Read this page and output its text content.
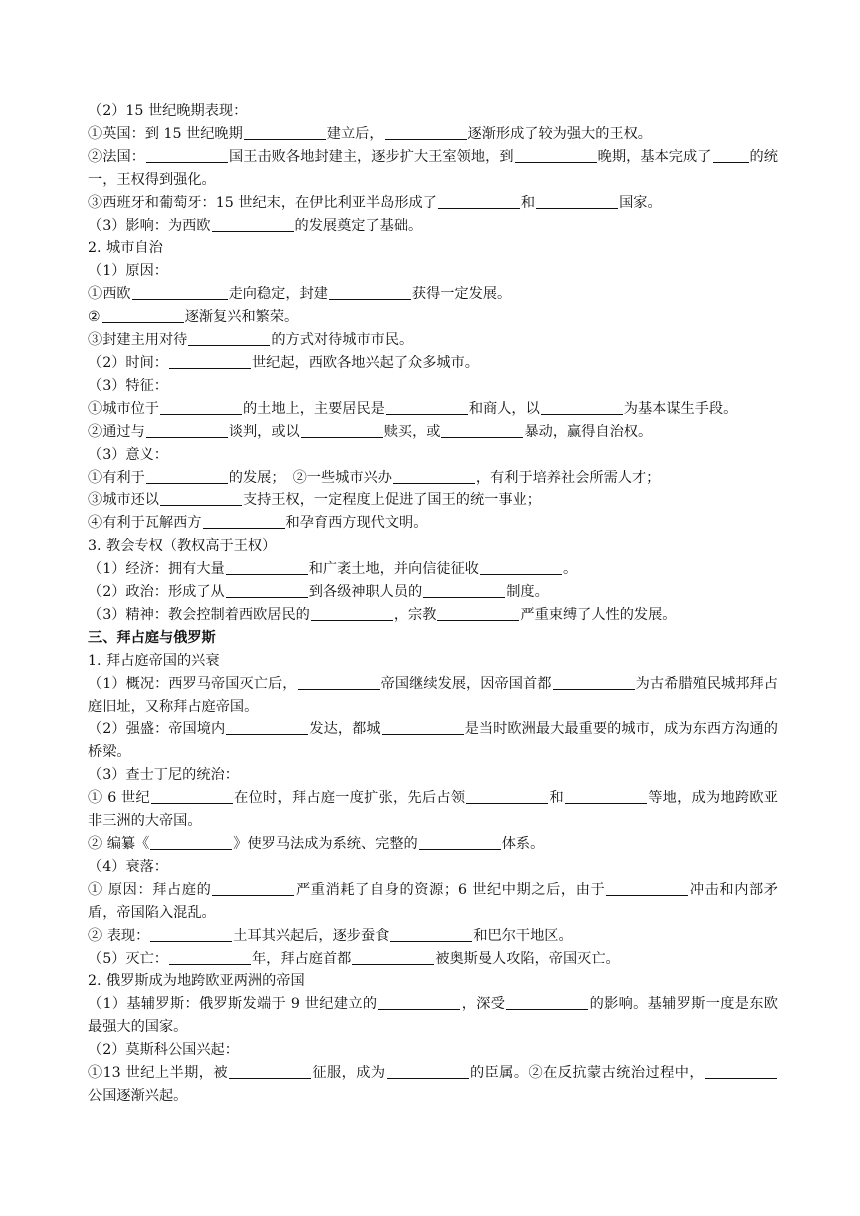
（2）15 世纪晚期表现：
①英国：到 15 世纪晚期	建立后，	逐渐形成了较为强大的王权。
②法国：	国王击败各地封建主，逐步扩大王室领地，到	晚期，基本完成了	的统一，王权得到强化。
③西班牙和葡萄牙：15 世纪末，在伊比利亚半岛形成了	和	国家。
（3）影响：为西欧	的发展奠定了基础。
2. 城市自治
（1）原因：
①西欧	走向稳定，封建	获得一定发展。
②	逐渐复兴和繁荣。
③封建主用对待	的方式对待城市市民。
（2）时间：	世纪起，西欧各地兴起了众多城市。
（3）特征：
①城市位于	的土地上，主要居民是	和商人，以	为基本谋生手段。
②通过与	谈判，或以	赎买，或	暴动，赢得自治权。
（3）意义：
①有利于	的发展；　②一些城市兴办	，有利于培养社会所需人才；
③城市还以	支持王权，一定程度上促进了国王的统一事业；
④有利于瓦解西方	和孕育西方现代文明。
3. 教会专权（教权高于王权）
（1）经济：拥有大量	和广袤土地，并向信徒征收	。
（2）政治：形成了从	到各级神职人员的	制度。
（3）精神：教会控制着西欧居民的	，宗教	严重束缚了人性的发展。
三、拜占庭与俄罗斯
1. 拜占庭帝国的兴衰
（1）概况：西罗马帝国灭亡后，	帝国继续发展，因帝国首都	为古希腊殖民城邦拜占庭旧址，又称拜占庭帝国。
（2）强盛：帝国境内	发达，都城	是当时欧洲最大最重要的城市，成为东西方沟通的桥梁。
（3）查士丁尼的统治：
① 6 世纪	在位时，拜占庭一度扩张，先后占领	和	等地，成为地跨欧亚非三洲的大帝国。
② 编纂《	》使罗马法成为系统、完整的	体系。
（4）衰落：
① 原因：拜占庭的	严重消耗了自身的资源；6 世纪中期之后，由于	冲击和内部矛盾，帝国陷入混乱。
② 表现：	土耳其兴起后，逐步蚕食	和巴尔干地区。
（5）灭亡：	年，拜占庭首都	被奥斯曼人攻陷，帝国灭亡。
2. 俄罗斯成为地跨欧亚两洲的帝国
（1）基辅罗斯：俄罗斯发端于 9 世纪建立的	，深受	的影响。基辅罗斯一度是东欧最强大的国家。
（2）莫斯科公国兴起：
①13 世纪上半期，被	征服，成为	的臣属。②在反抗蒙古统治过程中，公国逐渐兴起。
